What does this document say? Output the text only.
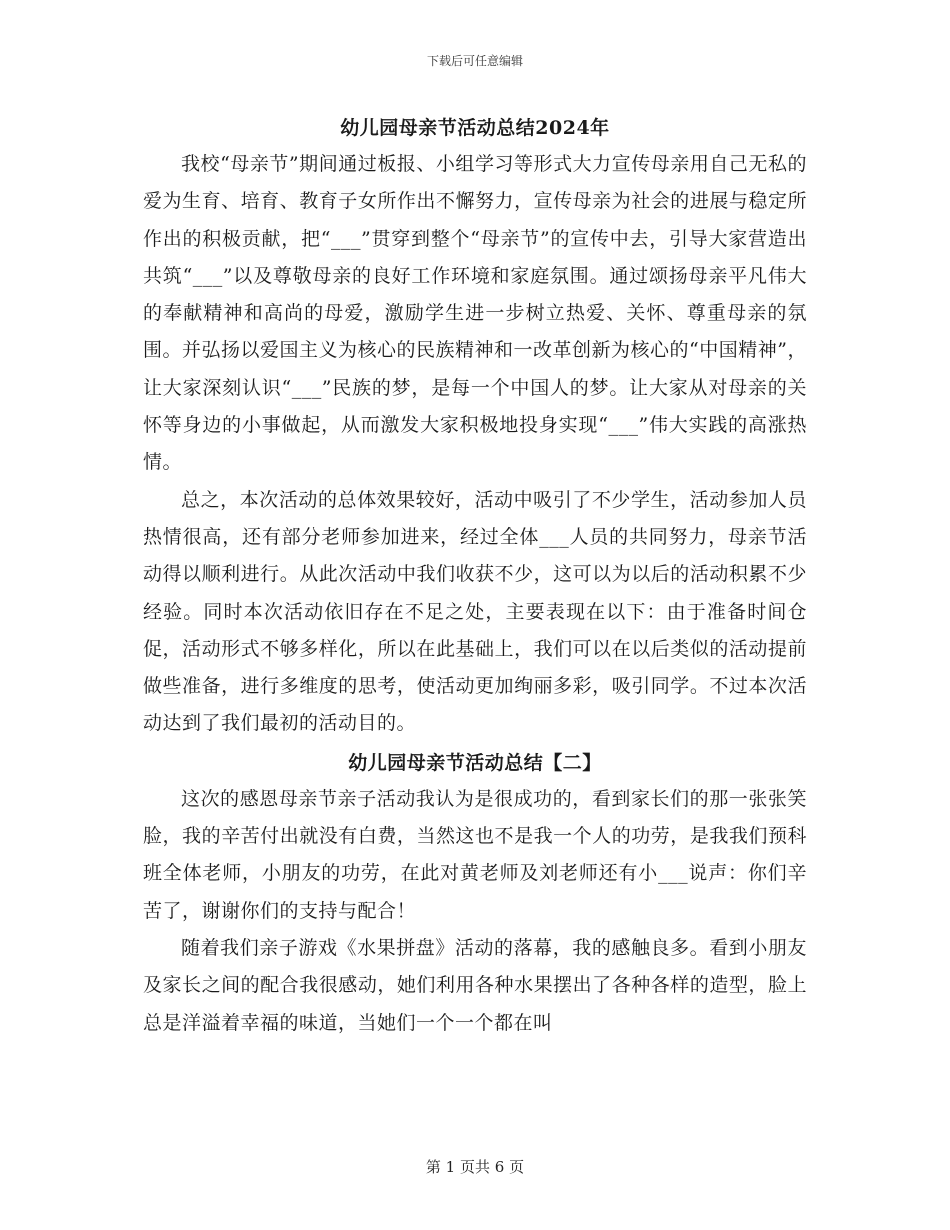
下载后可任意编辑
幼儿园母亲节活动总结2024年

我校“母亲节”期间通过板报、小组学习等形式大力宣传母亲用自己无私的爱为生育、培育、教育子女所作出不懈努力，宣传母亲为社会的进展与稳定所作出的积极贡献，把“___”贯穿到整个“母亲节”的宣传中去，引导大家营造出共筑“___”以及尊敬母亲的良好工作环境和家庭氛围。通过颂扬母亲平凡伟大的奉献精神和高尚的母爱，激励学生进一步树立热爱、关怀、尊重母亲的氛围。并弘扬以爱国主义为核心的民族精神和一改革创新为核心的“中国精神”，让大家深刻认识“___”民族的梦，是每一个中国人的梦。让大家从对母亲的关怀等身边的小事做起，从而激发大家积极地投身实现“___”伟大实践的高涨热情。

总之，本次活动的总体效果较好，活动中吸引了不少学生，活动参加人员热情很高，还有部分老师参加进来，经过全体___人员的共同努力，母亲节活动得以顺利进行。从此次活动中我们收获不少，这可以为以后的活动积累不少经验。同时本次活动依旧存在不足之处，主要表现在以下：由于准备时间仓促，活动形式不够多样化，所以在此基础上，我们可以在以后类似的活动提前做些准备，进行多维度的思考，使活动更加绚丽多彩，吸引同学。不过本次活动达到了我们最初的活动目的。

幼儿园母亲节活动总结【二】

这次的感恩母亲节亲子活动我认为是很成功的，看到家长们的那一张张笑脸，我的辛苦付出就没有白费，当然这也不是我一个人的功劳，是我我们预科班全体老师，小朋友的功劳，在此对黄老师及刘老师还有小___说声：你们辛苦了，谢谢你们的支持与配合！

随着我们亲子游戏《水果拼盘》活动的落幕，我的感触良多。看到小朋友及家长之间的配合我很感动，她们利用各种水果摆出了各种各样的造型，脸上总是洋溢着幸福的味道，当她们一个一个都在叫

第 1 页共 6 页
